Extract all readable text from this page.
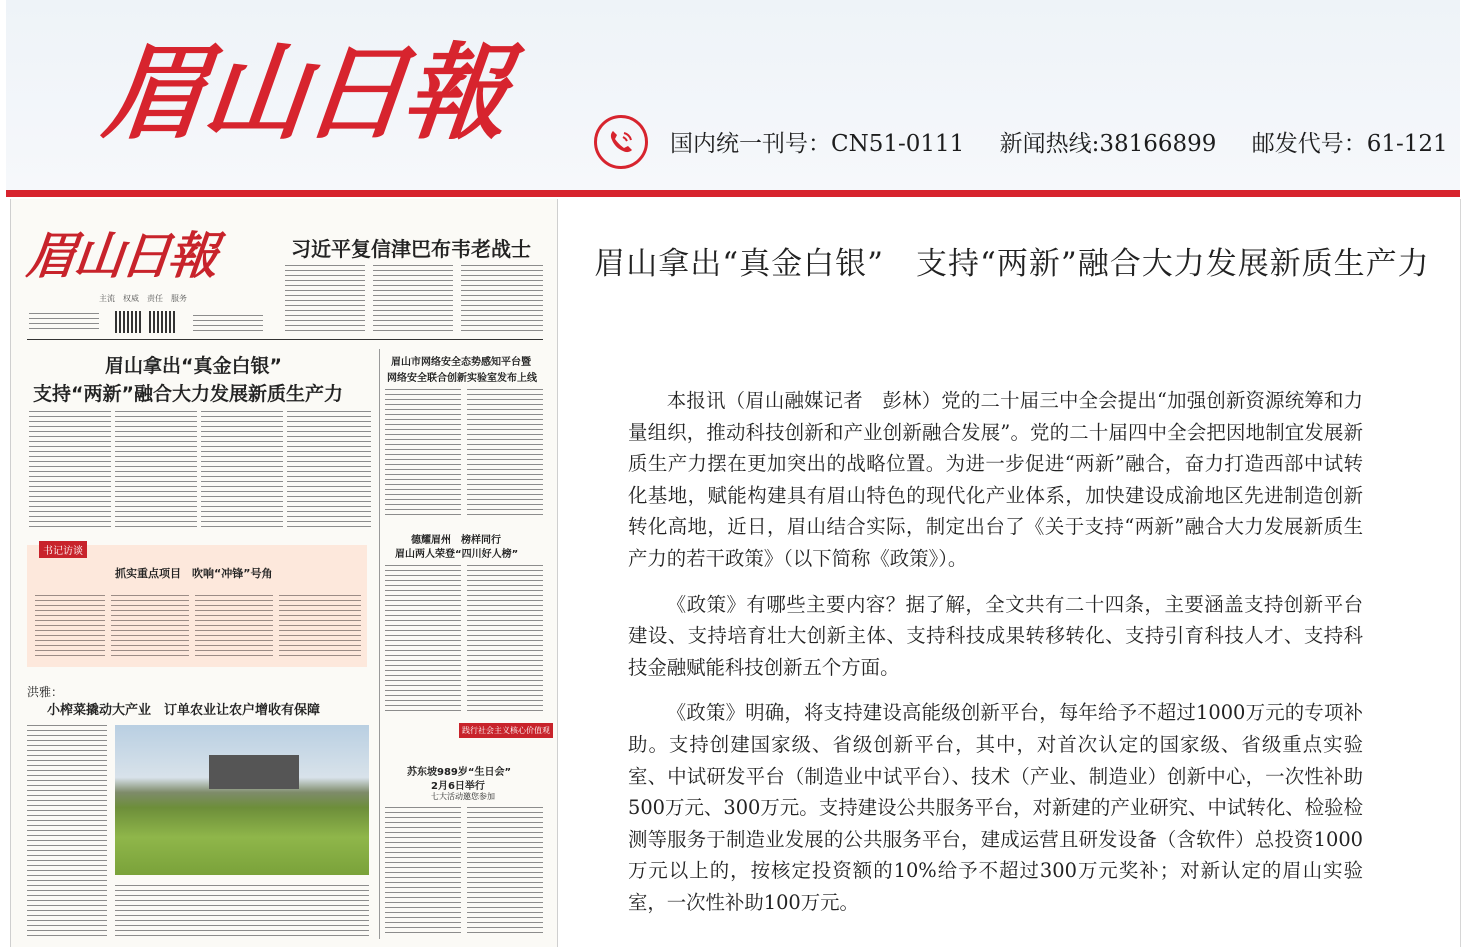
眉山日報	国内统一刊号：CN51-0111 新闻热线:38166899 邮发代号：61-121
眉山日報
主流　权威　责任　服务
习近平复信津巴布韦老战士
眉山拿出“真金白银”
支持“两新”融合大力发展新质生产力
眉山市网络安全态势感知平台暨
网络安全联合创新实验室发布上线
书记访谈
抓实重点项目　吹响“冲锋”号角
德耀眉州　榜样同行
眉山两人荣登“四川好人榜”
践行社会主义核心价值观
洪雅：
小榨菜撬动大产业　订单农业让农户增收有保障
苏东坡989岁“生日会”
2月6日举行
七大活动邀您参加
眉山拿出“真金白银”　支持“两新”融合大力发展新质生产力

本报讯（眉山融媒记者　彭林）党的二十届三中全会提出“加强创新资源统筹和力量组织，推动科技创新和产业创新融合发展”。党的二十届四中全会把因地制宜发展新质生产力摆在更加突出的战略位置。为进一步促进“两新”融合，奋力打造西部中试转化基地，赋能构建具有眉山特色的现代化产业体系，加快建设成渝地区先进制造创新转化高地，近日，眉山结合实际，制定出台了《关于支持“两新”融合大力发展新质生产力的若干政策》（以下简称《政策》）。

《政策》有哪些主要内容？据了解，全文共有二十四条，主要涵盖支持创新平台建设、支持培育壮大创新主体、支持科技成果转移转化、支持引育科技人才、支持科技金融赋能科技创新五个方面。

《政策》明确，将支持建设高能级创新平台，每年给予不超过1000万元的专项补助。支持创建国家级、省级创新平台，其中，对首次认定的国家级、省级重点实验室、中试研发平台（制造业中试平台）、技术（产业、制造业）创新中心，一次性补助500万元、300万元。支持建设公共服务平台，对新建的产业研究、中试转化、检验检测等服务于制造业发展的公共服务平台，建成运营且研发设备（含软件）总投资1000万元以上的，按核定投资额的10%给予不超过300万元奖补；对新认定的眉山实验室，一次性补助100万元。
